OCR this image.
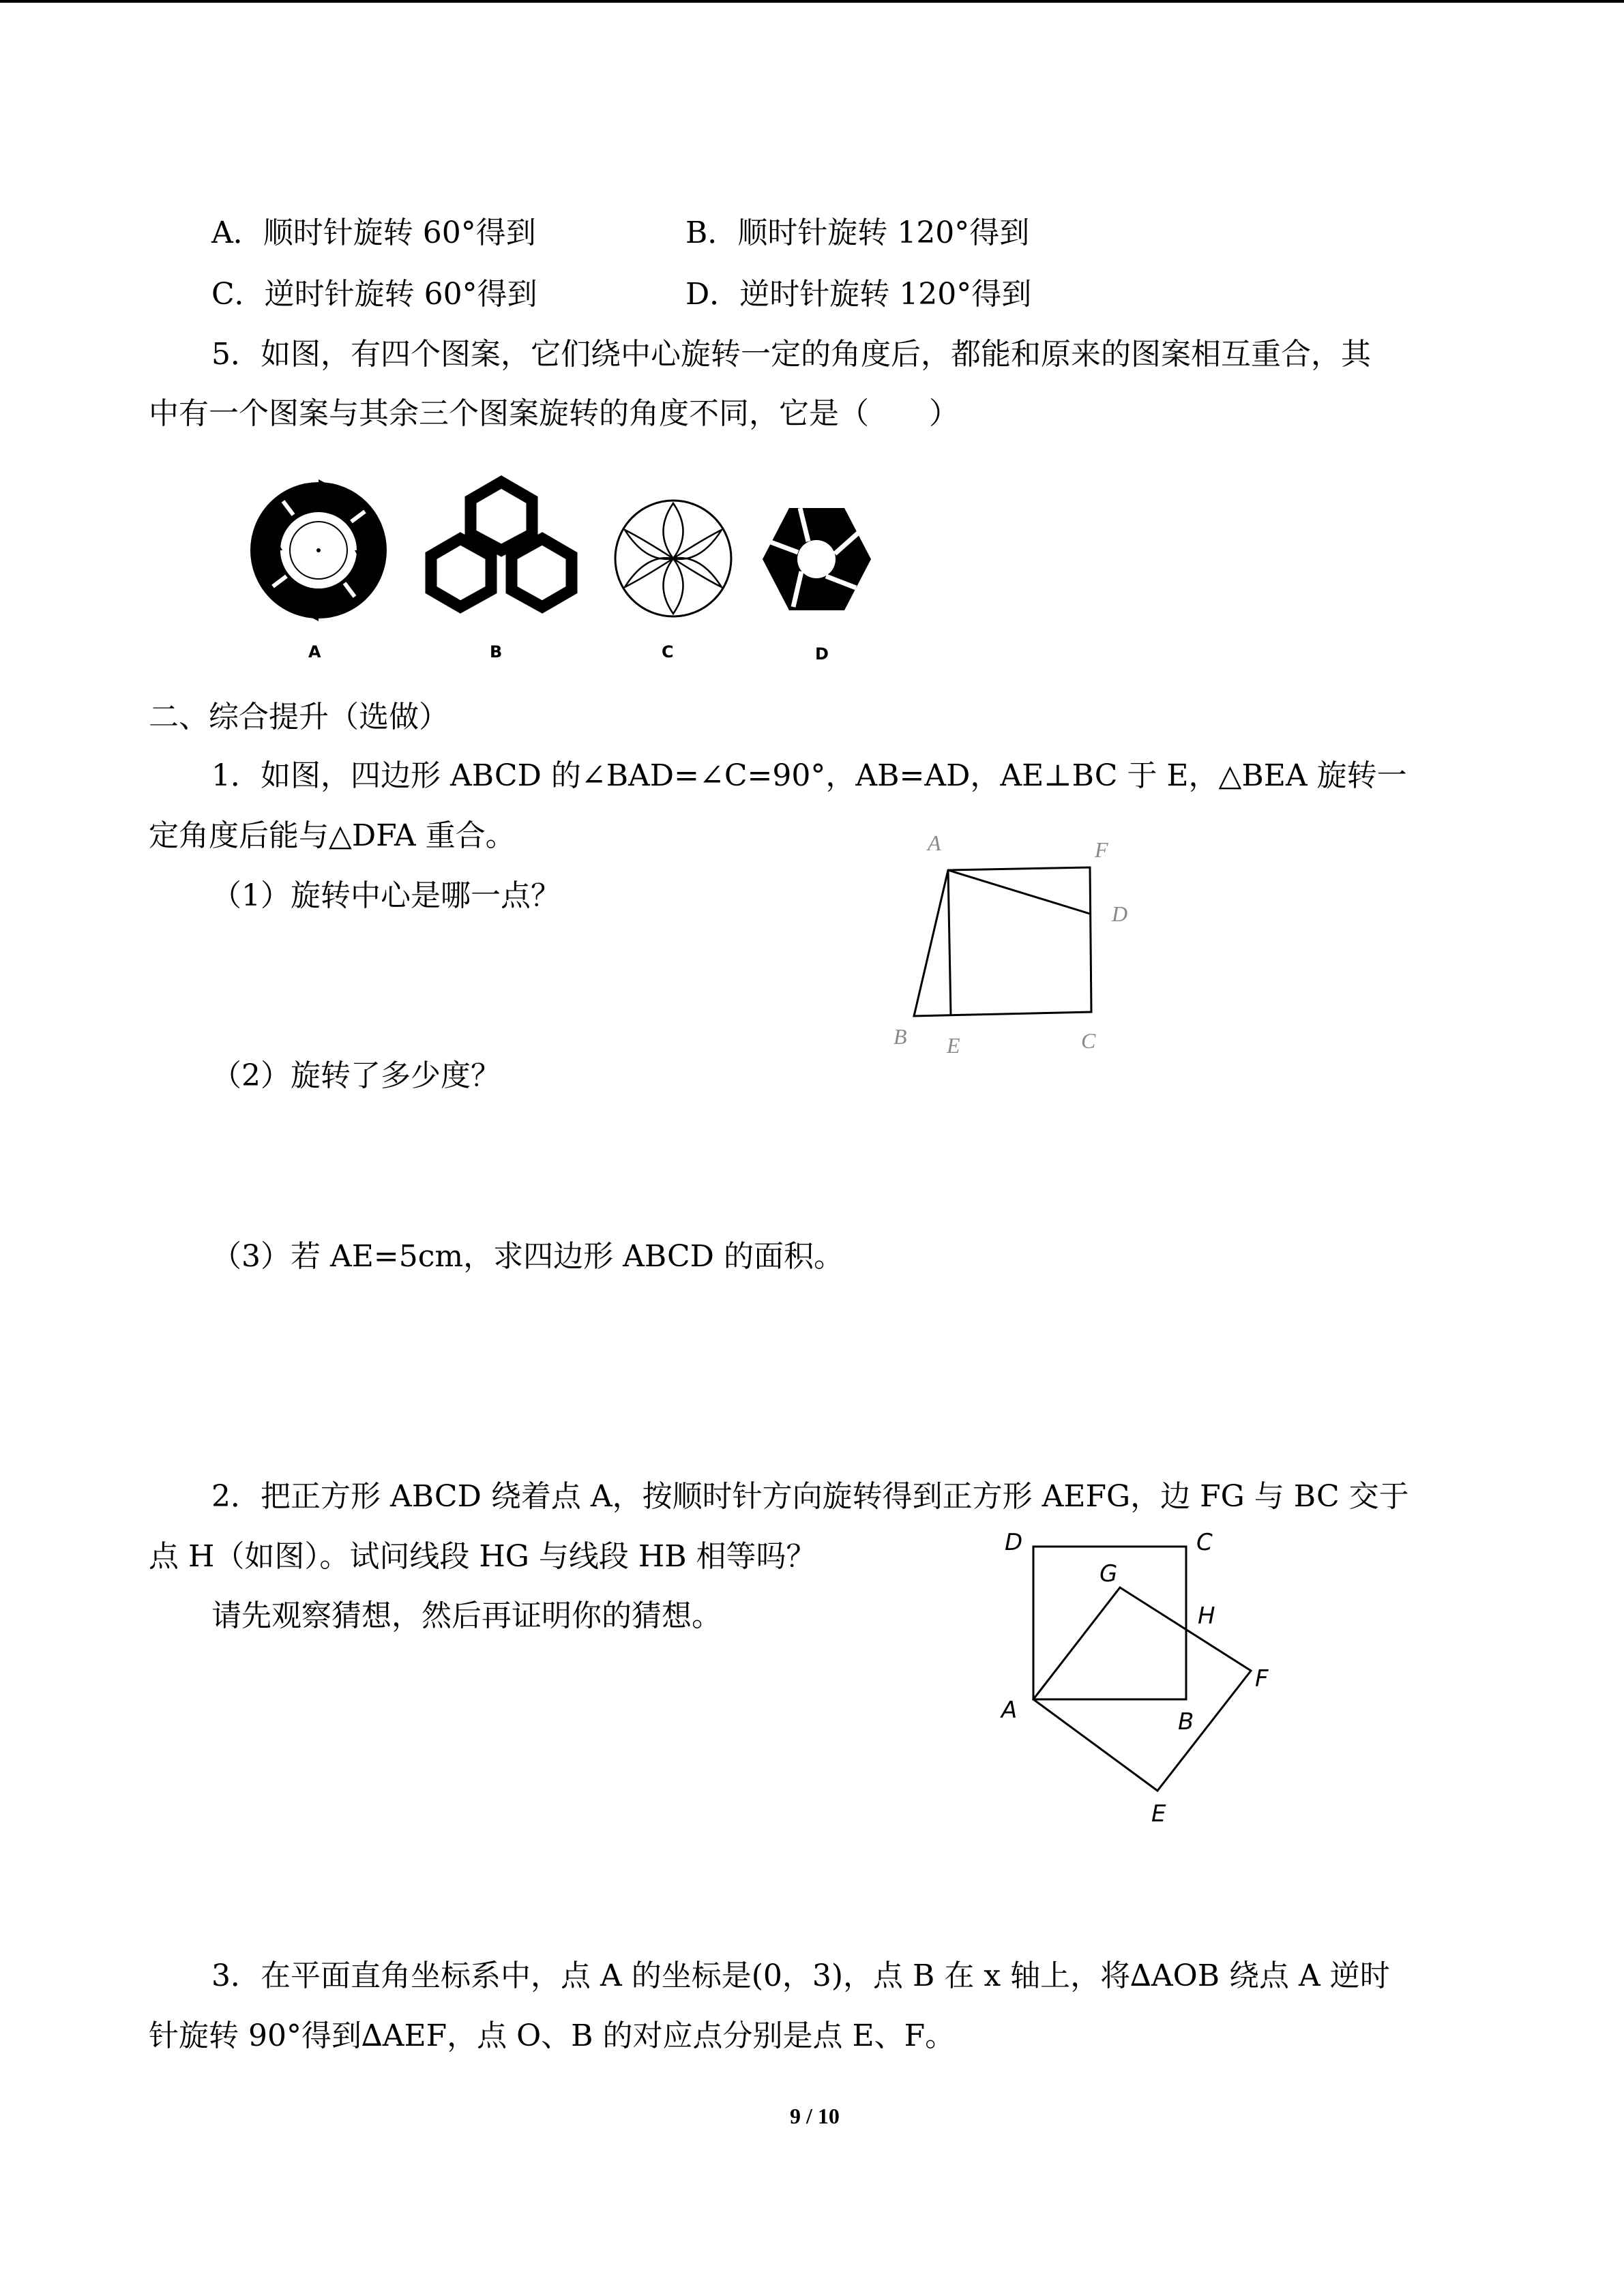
A．顺时针旋转 60°得到	B．顺时针旋转 120°得到
C．逆时针旋转 60°得到	D．逆时针旋转 120°得到
5．如图，有四个图案，它们绕中心旋转一定的角度后，都能和原来的图案相互重合，其
中有一个图案与其余三个图案旋转的角度不同，它是（　　）
A	B	C	D
二、综合提升（选做）
1．如图，四边形 ABCD 的∠BAD=∠C=90°，AB=AD，AE⊥BC 于 E，△BEA 旋转一
定角度后能与△DFA 重合。
（1）旋转中心是哪一点？
A	F
D
B E	C
（2）旋转了多少度？
（3）若 AE=5cm，求四边形 ABCD 的面积。
2．把正方形 ABCD 绕着点 A，按顺时针方向旋转得到正方形 AEFG，边 FG 与 BC 交于
点 H（如图）。试问线段 HG 与线段 HB 相等吗？
请先观察猜想，然后再证明你的猜想。
D	C
G
H
F
A	B
E
3．在平面直角坐标系中，点 A 的坐标是(0，3)，点 B 在 x 轴上，将∆AOB 绕点 A 逆时
针旋转 90°得到∆AEF，点 O、B 的对应点分别是点 E、F。
9 / 10
